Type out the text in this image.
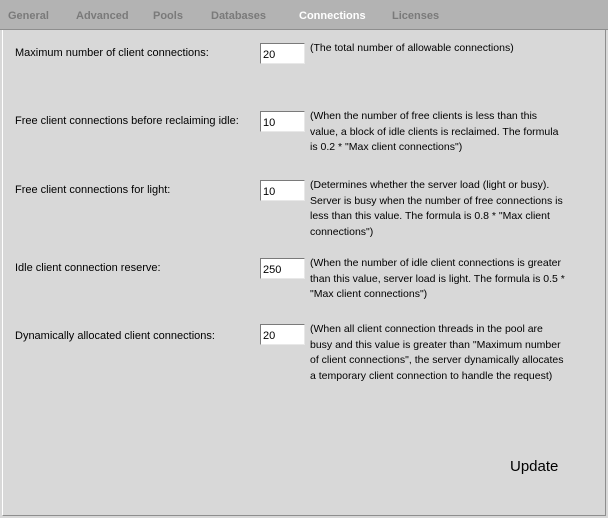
General Advanced Pools	Databases	Connections Licenses
Maximum number of client connections:
20	(The total number of allowable connections)
Free client connections before reclaiming idle:
10	(When the number of free clients is less than this value, a block of idle clients is reclaimed. The formula is 0.2 * "Max client connections")
Free client connections for light:
10	(Determines whether the server load (light or busy). Server is busy when the number of free connections is less than this value. The formula is 0.8 * "Max client connections")
Idle client connection reserve:
250	(When the number of idle client connections is greater than this value, server load is light. The formula is 0.5 * "Max client connections")
Dynamically allocated client connections:
20
(When all client connection threads in the pool are busy and this value is greater than "Maximum number of client connections", the server dynamically allocates a temporary client connection to handle the request)
Update
